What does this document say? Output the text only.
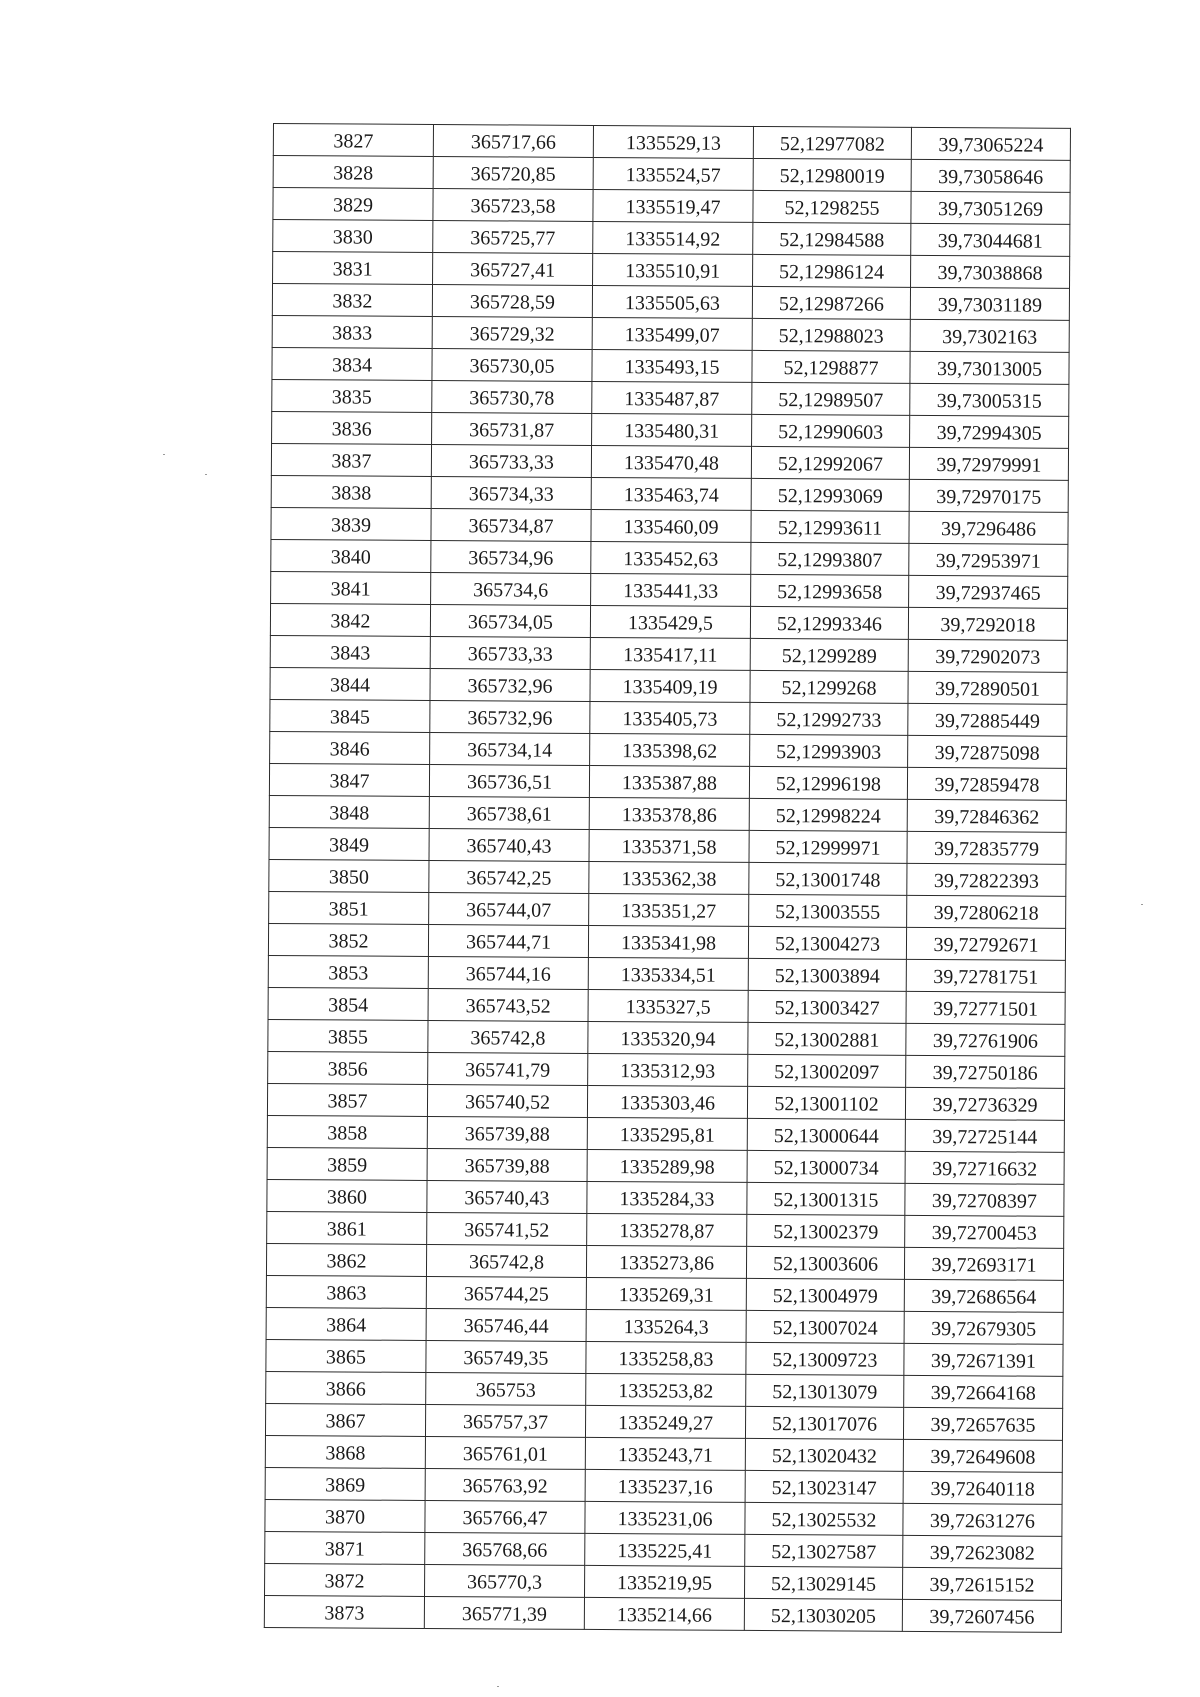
3827	365717,66	1335529,13	52,12977082	39,73065224
3828	365720,85	1335524,57	52,12980019	39,73058646
3829	365723,58	1335519,47	52,1298255	39,73051269
3830	365725,77	1335514,92	52,12984588	39,73044681
3831	365727,41	1335510,91	52,12986124	39,73038868
3832	365728,59	1335505,63	52,12987266	39,73031189
3833	365729,32	1335499,07	52,12988023	39,7302163
3834	365730,05	1335493,15	52,1298877	39,73013005
3835	365730,78	1335487,87	52,12989507	39,73005315
3836	365731,87	1335480,31	52,12990603	39,72994305
3837	365733,33	1335470,48	52,12992067	39,72979991
3838	365734,33	1335463,74	52,12993069	39,72970175
3839	365734,87	1335460,09	52,12993611	39,7296486
3840	365734,96	1335452,63	52,12993807	39,72953971
3841	365734,6	1335441,33	52,12993658	39,72937465
3842	365734,05	1335429,5	52,12993346	39,7292018
3843	365733,33	1335417,11	52,1299289	39,72902073
3844	365732,96	1335409,19	52,1299268	39,72890501
3845	365732,96	1335405,73	52,12992733	39,72885449
3846	365734,14	1335398,62	52,12993903	39,72875098
3847	365736,51	1335387,88	52,12996198	39,72859478
3848	365738,61	1335378,86	52,12998224	39,72846362
3849	365740,43	1335371,58	52,12999971	39,72835779
3850	365742,25	1335362,38	52,13001748	39,72822393
3851	365744,07	1335351,27	52,13003555	39,72806218
3852	365744,71	1335341,98	52,13004273	39,72792671
3853	365744,16	1335334,51	52,13003894	39,72781751
3854	365743,52	1335327,5	52,13003427	39,72771501
3855	365742,8	1335320,94	52,13002881	39,72761906
3856	365741,79	1335312,93	52,13002097	39,72750186
3857	365740,52	1335303,46	52,13001102	39,72736329
3858	365739,88	1335295,81	52,13000644	39,72725144
3859	365739,88	1335289,98	52,13000734	39,72716632
3860	365740,43	1335284,33	52,13001315	39,72708397
3861	365741,52	1335278,87	52,13002379	39,72700453
3862	365742,8	1335273,86	52,13003606	39,72693171
3863	365744,25	1335269,31	52,13004979	39,72686564
3864	365746,44	1335264,3	52,13007024	39,72679305
3865	365749,35	1335258,83	52,13009723	39,72671391
3866	365753	1335253,82	52,13013079	39,72664168
3867	365757,37	1335249,27	52,13017076	39,72657635
3868	365761,01	1335243,71	52,13020432	39,72649608
3869	365763,92	1335237,16	52,13023147	39,72640118
3870	365766,47	1335231,06	52,13025532	39,72631276
3871	365768,66	1335225,41	52,13027587	39,72623082
3872	365770,3	1335219,95	52,13029145	39,72615152
3873	365771,39	1335214,66	52,13030205	39,72607456
